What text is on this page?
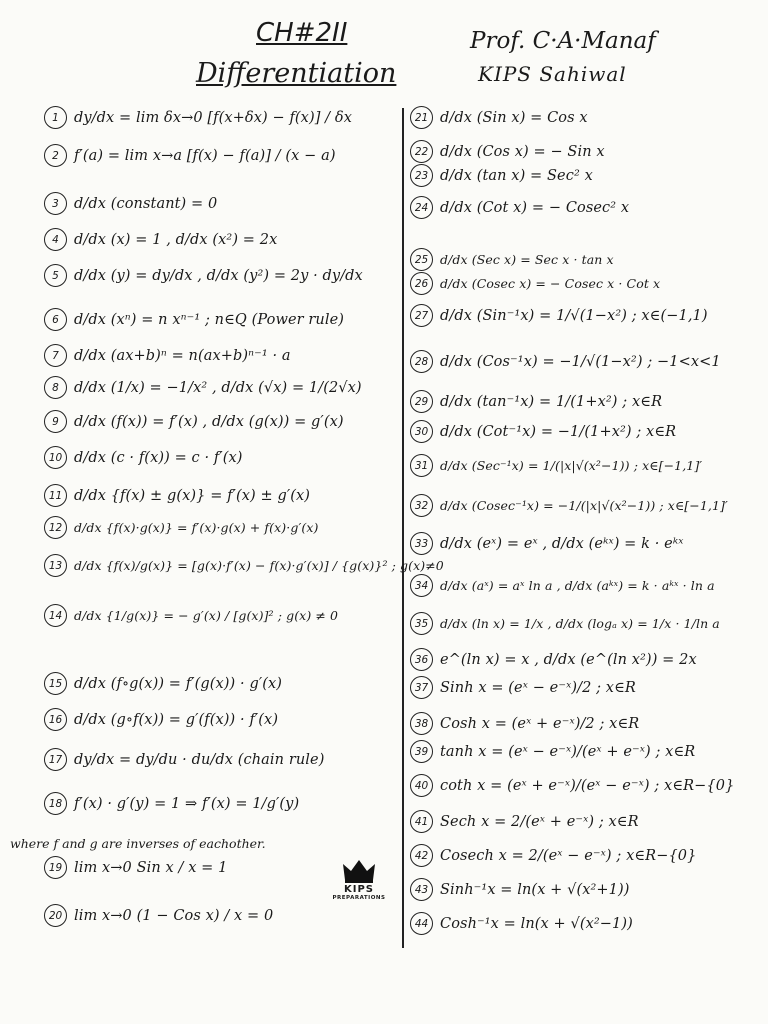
CH#2II
Differentiation
Prof. C·A·Manaf
KIPS Sahiwal
1	dy/dx = lim δx→0 [f(x+δx) − f(x)] / δx
2	f′(a) = lim x→a [f(x) − f(a)] / (x − a)
3	d/dx (constant) = 0
4	d/dx (x) = 1 , d/dx (x²) = 2x
5	d/dx (y) = dy/dx , d/dx (y²) = 2y · dy/dx
6	d/dx (xⁿ) = n xⁿ⁻¹ ; n∈Q (Power rule)
7	d/dx (ax+b)ⁿ = n(ax+b)ⁿ⁻¹ · a
8	d/dx (1/x) = −1/x² , d/dx (√x) = 1/(2√x)
9	d/dx (f(x)) = f′(x) , d/dx (g(x)) = g′(x)
10 d/dx (c · f(x)) = c · f′(x)
11 d/dx {f(x) ± g(x)} = f′(x) ± g′(x)
12 d/dx {f(x)·g(x)} = f′(x)·g(x) + f(x)·g′(x)
13 d/dx {f(x)/g(x)} = [g(x)·f′(x) − f(x)·g′(x)] / {g(x)}² ; g(x)≠0
14 d/dx {1/g(x)} = − g′(x) / [g(x)]² ; g(x) ≠ 0
15 d/dx (f∘g(x)) = f′(g(x)) · g′(x)
16 d/dx (g∘f(x)) = g′(f(x)) · f′(x)
17 dy/dx = dy/du · du/dx (chain rule)
18 f′(x) · g′(y) = 1 ⇒ f′(x) = 1/g′(y)
19 lim x→0 Sin x / x = 1
20 lim x→0 (1 − Cos x) / x = 0
21 d/dx (Sin x) = Cos x
22 d/dx (Cos x) = − Sin x
23 d/dx (tan x) = Sec² x
24 d/dx (Cot x) = − Cosec² x
25 d/dx (Sec x) = Sec x · tan x
26 d/dx (Cosec x) = − Cosec x · Cot x
27 d/dx (Sin⁻¹x) = 1/√(1−x²) ; x∈(−1,1)
28 d/dx (Cos⁻¹x) = −1/√(1−x²) ; −1<x<1
29 d/dx (tan⁻¹x) = 1/(1+x²) ; x∈R
30 d/dx (Cot⁻¹x) = −1/(1+x²) ; x∈R
31 d/dx (Sec⁻¹x) = 1/(|x|√(x²−1)) ; x∈[−1,1]′
32 d/dx (Cosec⁻¹x) = −1/(|x|√(x²−1)) ; x∈[−1,1]′
33 d/dx (eˣ) = eˣ , d/dx (eᵏˣ) = k · eᵏˣ
34 d/dx (aˣ) = aˣ ln a , d/dx (aᵏˣ) = k · aᵏˣ · ln a
35 d/dx (ln x) = 1/x , d/dx (logₐ x) = 1/x · 1/ln a
36 e^(ln x) = x , d/dx (e^(ln x²)) = 2x
37 Sinh x = (eˣ − e⁻ˣ)/2 ; x∈R
38 Cosh x = (eˣ + e⁻ˣ)/2 ; x∈R
39 tanh x = (eˣ − e⁻ˣ)/(eˣ + e⁻ˣ) ; x∈R
40 coth x = (eˣ + e⁻ˣ)/(eˣ − e⁻ˣ) ; x∈R−{0}
41 Sech x = 2/(eˣ + e⁻ˣ) ; x∈R
42 Cosech x = 2/(eˣ − e⁻ˣ) ; x∈R−{0}
43 Sinh⁻¹x = ln(x + √(x²+1))
44 Cosh⁻¹x = ln(x + √(x²−1))
where f and g are inverses of eachother.
KIPS
PREPARATIONS
